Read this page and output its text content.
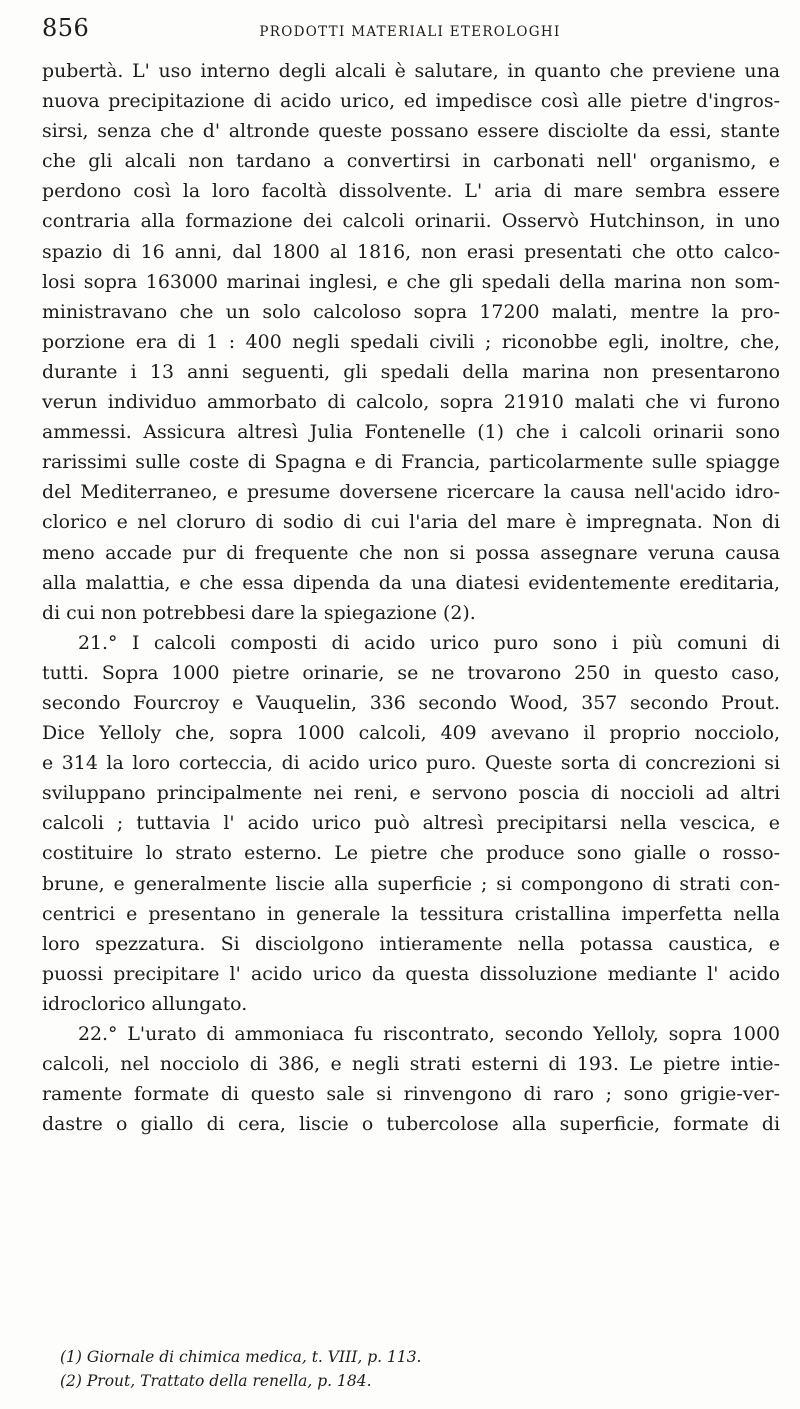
856	PRODOTTI MATERIALI ETEROLOGHI
pubertà. L' uso interno degli alcali è salutare, in quanto che previene una
nuova precipitazione di acido urico, ed impedisce così alle pietre d'ingros-
sirsi, senza che d' altronde queste possano essere disciolte da essi, stante
che gli alcali non tardano a convertirsi in carbonati nell' organismo, e
perdono così la loro facoltà dissolvente. L' aria di mare sembra essere
contraria alla formazione dei calcoli orinarii. Osservò Hutchinson, in uno
spazio di 16 anni, dal 1800 al 1816, non erasi presentati che otto calco-
losi sopra 163000 marinai inglesi, e che gli spedali della marina non som-
ministravano che un solo calcoloso sopra 17200 malati, mentre la pro-
porzione era di 1 : 400 negli spedali civili ; riconobbe egli, inoltre, che,
durante i 13 anni seguenti, gli spedali della marina non presentarono
verun individuo ammorbato di calcolo, sopra 21910 malati che vi furono
ammessi. Assicura altresì Julia Fontenelle (1) che i calcoli orinarii sono
rarissimi sulle coste di Spagna e di Francia, particolarmente sulle spiagge
del Mediterraneo, e presume doversene ricercare la causa nell'acido idro-
clorico e nel cloruro di sodio di cui l'aria del mare è impregnata. Non di
meno accade pur di frequente che non si possa assegnare veruna causa
alla malattia, e che essa dipenda da una diatesi evidentemente ereditaria,
di cui non potrebbesi dare la spiegazione (2).
21.° I calcoli composti di acido urico puro sono i più comuni di
tutti. Sopra 1000 pietre orinarie, se ne trovarono 250 in questo caso,
secondo Fourcroy e Vauquelin, 336 secondo Wood, 357 secondo Prout.
Dice Yelloly che, sopra 1000 calcoli, 409 avevano il proprio nocciolo,
e 314 la loro corteccia, di acido urico puro. Queste sorta di concrezioni si
sviluppano principalmente nei reni, e servono poscia di noccioli ad altri
calcoli ; tuttavia l' acido urico può altresì precipitarsi nella vescica, e
costituire lo strato esterno. Le pietre che produce sono gialle o rosso-
brune, e generalmente liscie alla superficie ; si compongono di strati con-
centrici e presentano in generale la tessitura cristallina imperfetta nella
loro spezzatura. Si disciolgono intieramente nella potassa caustica, e
puossi precipitare l' acido urico da questa dissoluzione mediante l' acido
idroclorico allungato.
22.° L'urato di ammoniaca fu riscontrato, secondo Yelloly, sopra 1000
calcoli, nel nocciolo di 386, e negli strati esterni di 193. Le pietre intie-
ramente formate di questo sale si rinvengono di raro ; sono grigie-ver-
dastre o giallo di cera, liscie o tubercolose alla superficie, formate di
(1) Giornale di chimica medica, t. VIII, p. 113.
(2) Prout, Trattato della renella, p. 184.
